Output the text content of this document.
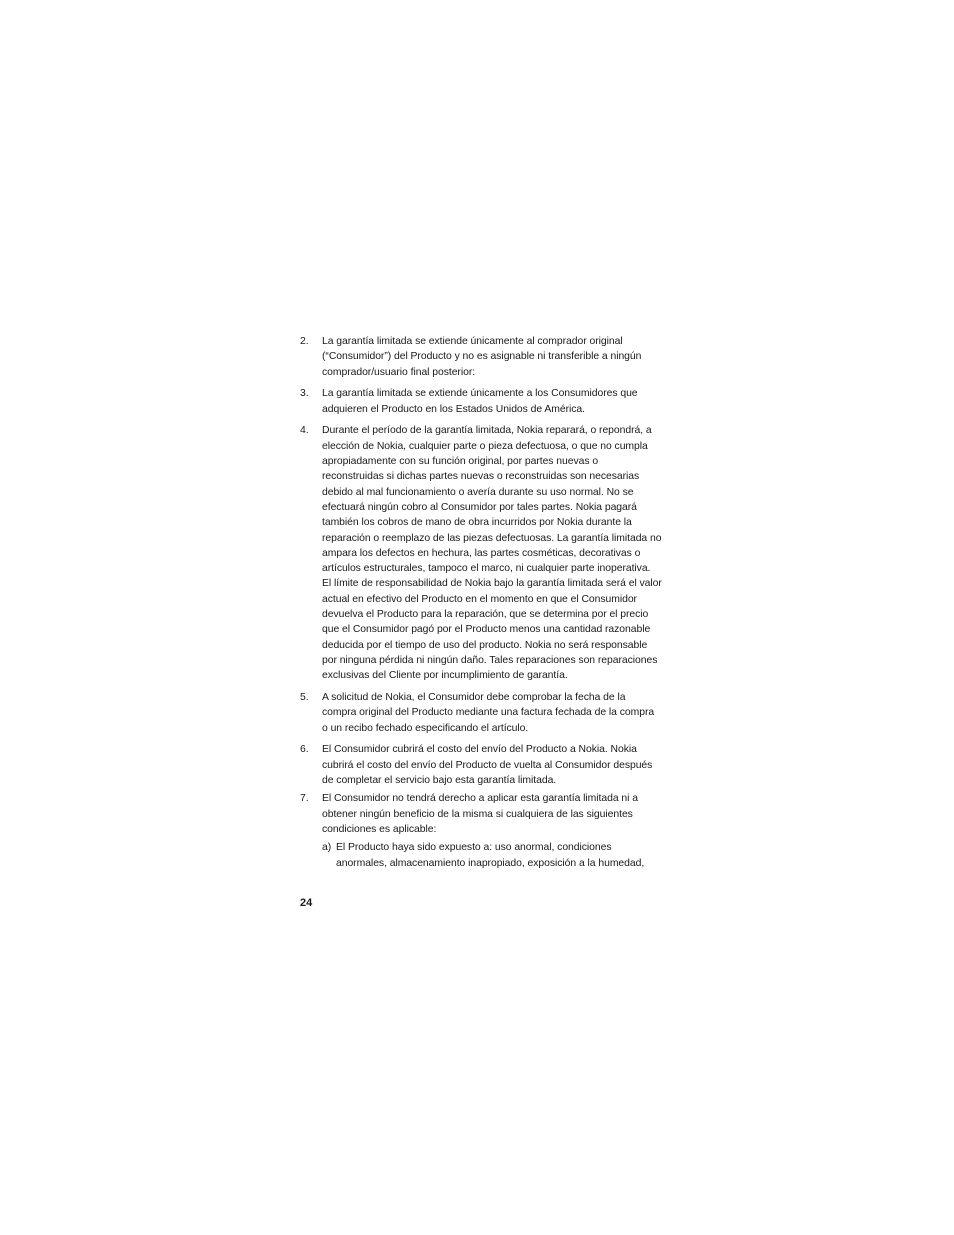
2.	La garantía limitada se extiende únicamente al comprador original (“Consumidor”) del Producto y no es asignable ni transferible a ningún comprador/usuario final posterior:
3.	La garantía limitada se extiende únicamente a los Consumidores que adquieren el Producto en los Estados Unidos de América.
4.	Durante el período de la garantía limitada, Nokia reparará, o repondrá, a elección de Nokia, cualquier parte o pieza defectuosa, o que no cumpla apropiadamente con su función original, por partes nuevas o reconstruidas si dichas partes nuevas o reconstruidas son necesarias debido al mal funcionamiento o avería durante su uso normal. No se efectuará ningún cobro al Consumidor por tales partes. Nokia pagará también los cobros de mano de obra incurridos por Nokia durante la reparación o reemplazo de las piezas defectuosas. La garantía limitada no ampara los defectos en hechura, las partes cosméticas, decorativas o artículos estructurales, tampoco el marco, ni cualquier parte inoperativa. El límite de responsabilidad de Nokia bajo la garantía limitada será el valor actual en efectivo del Producto en el momento en que el Consumidor devuelva el Producto para la reparación, que se determina por el precio que el Consumidor pagó por el Producto menos una cantidad razonable deducida por el tiempo de uso del producto. Nokia no será responsable por ninguna pérdida ni ningún daño. Tales reparaciones son reparaciones exclusivas del Cliente por incumplimiento de garantía.
5.	A solicitud de Nokia, el Consumidor debe comprobar la fecha de la compra original del Producto mediante una factura fechada de la compra o un recibo fechado especificando el artículo.
6.	El Consumidor cubrirá el costo del envío del Producto a Nokia. Nokia cubrirá el costo del envío del Producto de vuelta al Consumidor después de completar el servicio bajo esta garantía limitada.
7.	El Consumidor no tendrá derecho a aplicar esta garantía limitada ni a obtener ningún beneficio de la misma si cualquiera de las siguientes condiciones es aplicable:
a) El Producto haya sido expuesto a: uso anormal, condiciones anormales, almacenamiento inapropiado, exposición a la humedad,
24
